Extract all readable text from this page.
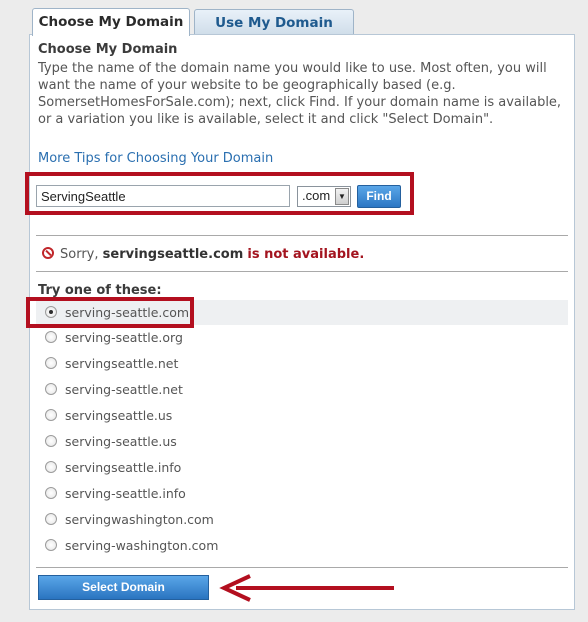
Choose My Domain	Use My Domain
Choose My Domain
Type the name of the domain name you would like to use. Most often, you will want the name of your website to be geographically based (e.g. SomersetHomesForSale.com); next, click Find. If your domain name is available, or a variation you like is available, select it and click "Select Domain".
More Tips for Choosing Your Domain
ServingSeattle
.com ▼	Find
Sorry, servingseattle.com is not available.
Try one of these:
serving-seattle.com
serving-seattle.org
servingseattle.net
serving-seattle.net
servingseattle.us
serving-seattle.us
servingseattle.info
serving-seattle.info
servingwashington.com
serving-washington.com
Select Domain
